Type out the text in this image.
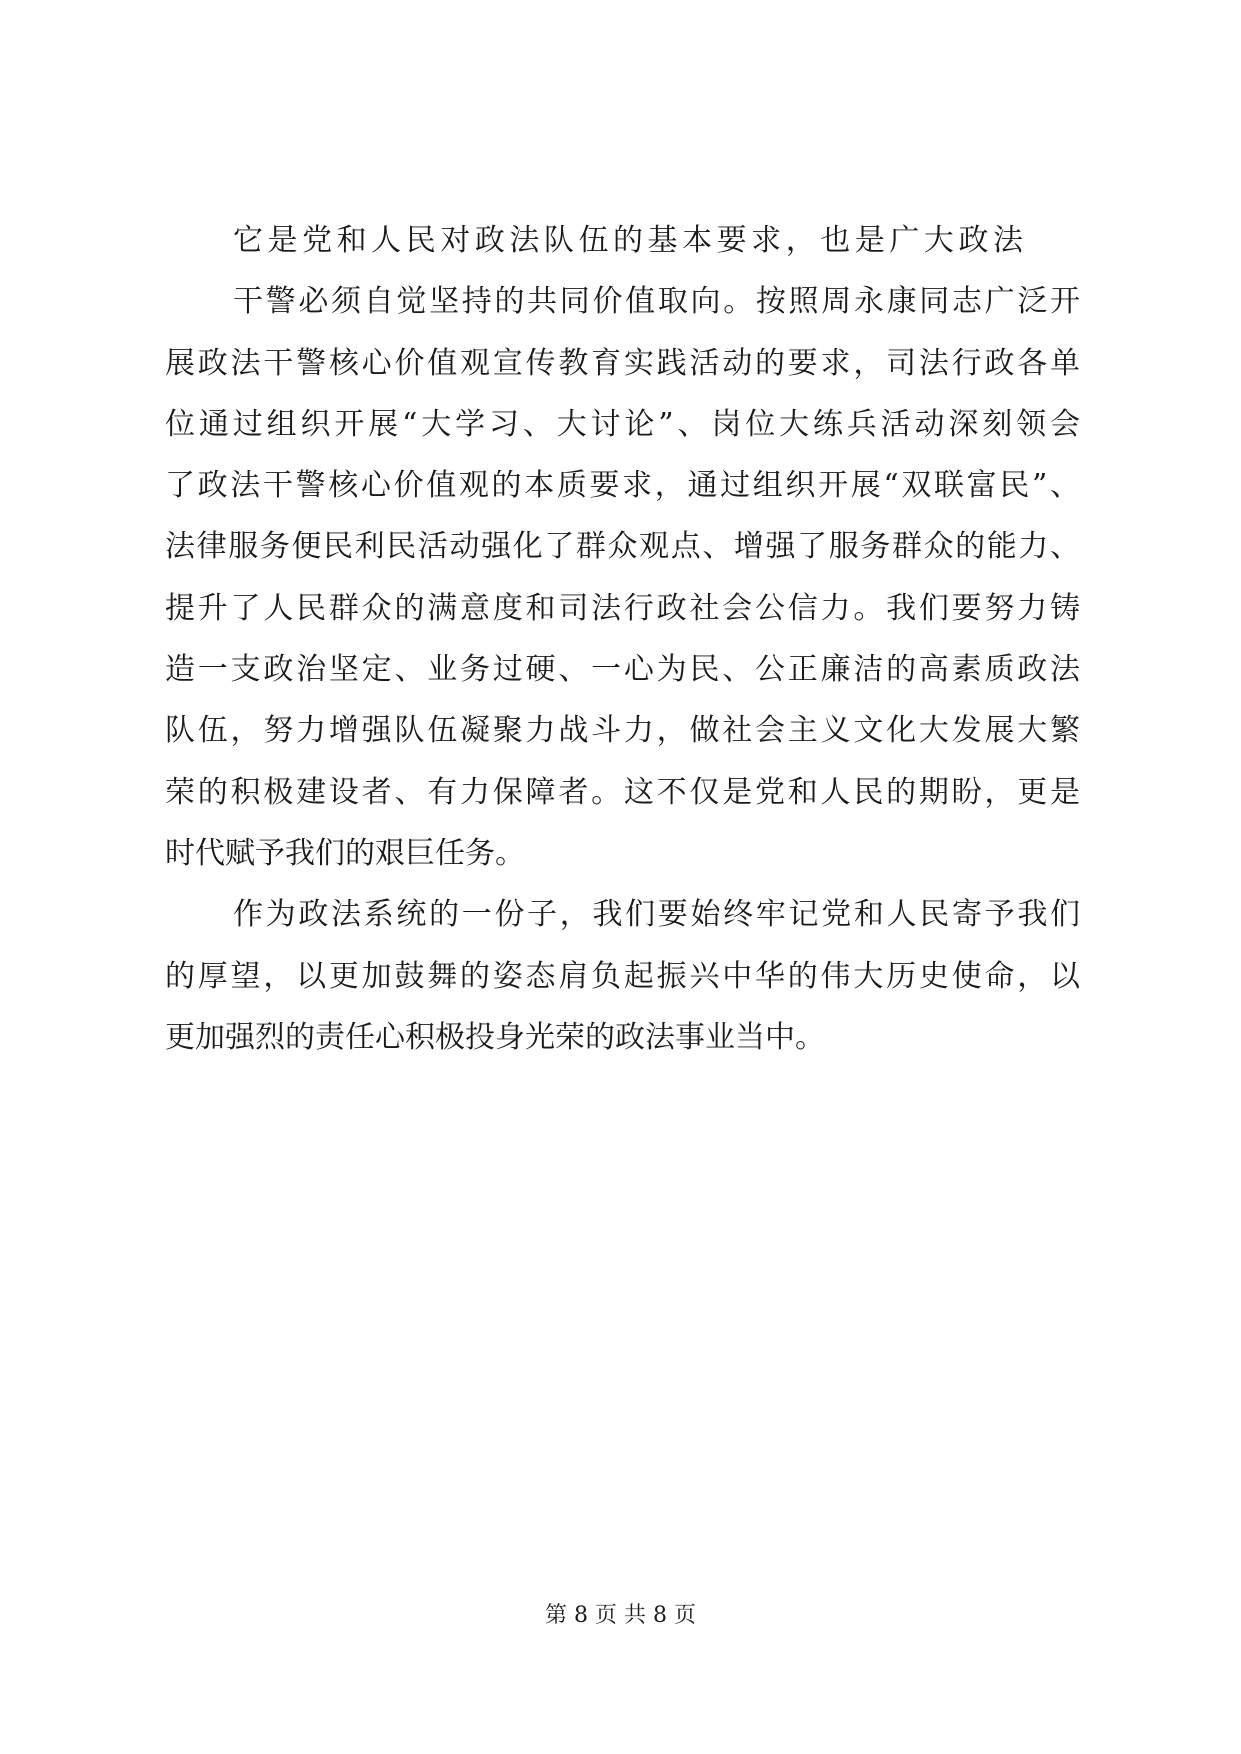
它是党和人民对政法队伍的基本要求，也是广大政法
干警必须自觉坚持的共同价值取向。按照周永康同志广泛开
展政法干警核心价值观宣传教育实践活动的要求，司法行政各单
位通过组织开展“大学习、大讨论”、岗位大练兵活动深刻领会
了政法干警核心价值观的本质要求，通过组织开展“双联富民”、
法律服务便民利民活动强化了群众观点、增强了服务群众的能力、
提升了人民群众的满意度和司法行政社会公信力。我们要努力铸
造一支政治坚定、业务过硬、一心为民、公正廉洁的高素质政法
队伍，努力增强队伍凝聚力战斗力，做社会主义文化大发展大繁
荣的积极建设者、有力保障者。这不仅是党和人民的期盼，更是
时代赋予我们的艰巨任务。
作为政法系统的一份子，我们要始终牢记党和人民寄予我们
的厚望，以更加鼓舞的姿态肩负起振兴中华的伟大历史使命，以
更加强烈的责任心积极投身光荣的政法事业当中。
第 8 页 共 8 页
